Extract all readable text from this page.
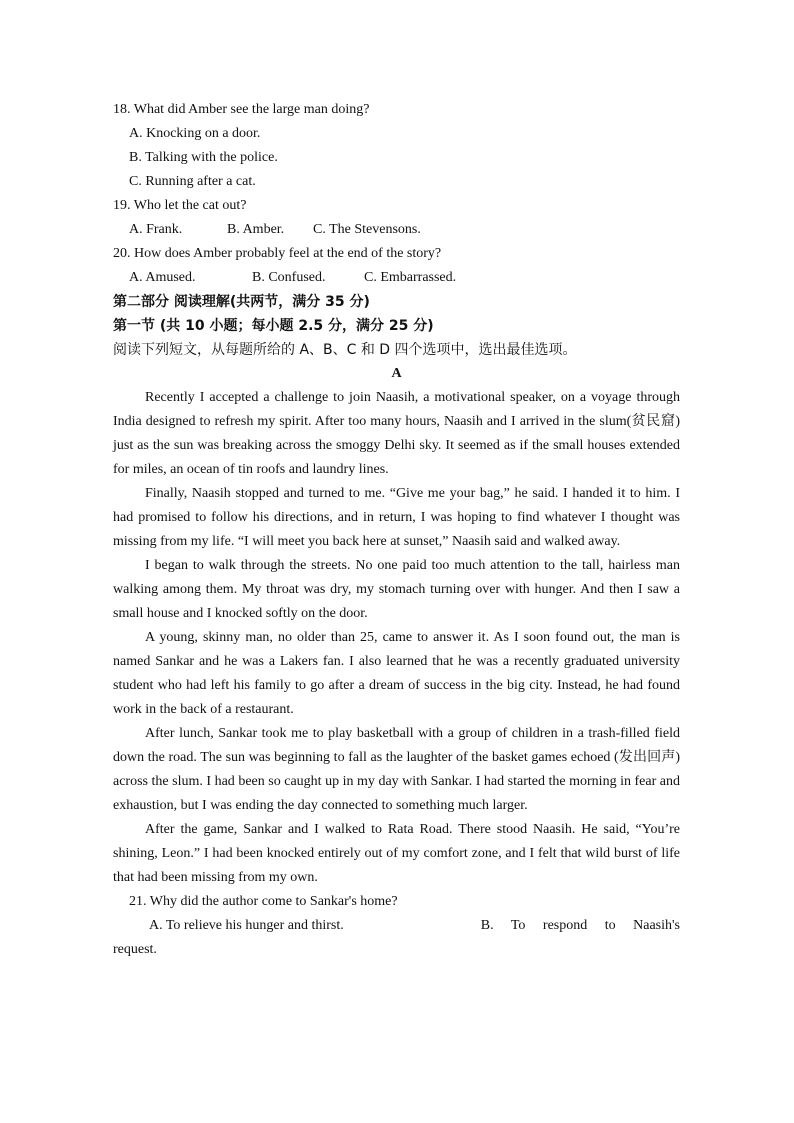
18. What did Amber see the large man doing?
A. Knocking on a door.
B. Talking with the police.
C. Running after a cat.
19. Who let the cat out?
A. Frank.	B. Amber. C. The Stevensons.
20. How does Amber probably feel at the end of the story?
A. Amused.	B. Confused.	C. Embarrassed.
第二部分 阅读理解(共两节，满分 35 分)
第一节 (共 10 小题；每小题 2.5 分，满分 25 分)
阅读下列短文，从每题所给的 A、B、C 和 D 四个选项中，选出最佳选项。
A

Recently I accepted a challenge to join Naasih, a motivational speaker, on a voyage through India designed to refresh my spirit. After too many hours, Naasih and I arrived in the slum(贫民窟) just as the sun was breaking across the smoggy Delhi sky. It seemed as if the small houses extended for miles, an ocean of tin roofs and laundry lines.

Finally, Naasih stopped and turned to me. “Give me your bag,” he said. I handed it to him. I had promised to follow his directions, and in return, I was hoping to find whatever I thought was missing from my life. “I will meet you back here at sunset,” Naasih said and walked away.

I began to walk through the streets. No one paid too much attention to the tall, hairless man walking among them. My throat was dry, my stomach turning over with hunger. And then I saw a small house and I knocked softly on the door.

A young, skinny man, no older than 25, came to answer it. As I soon found out, the man is named Sankar and he was a Lakers fan. I also learned that he was a recently graduated university student who had left his family to go after a dream of success in the big city. Instead, he had found work in the back of a restaurant.

After lunch, Sankar took me to play basketball with a group of children in a trash-filled field down the road. The sun was beginning to fall as the laughter of the basket games echoed (发出回声) across the slum. I had been so caught up in my day with Sankar. I had started the morning in fear and exhaustion, but I was ending the day connected to something much larger.

After the game, Sankar and I walked to Rata Road. There stood Naasih. He said, “You’re shining, Leon.” I had been knocked entirely out of my comfort zone, and I felt that wild burst of life that had been missing from my own.

21. Why did the author come to Sankar's home?
A. To relieve his hunger and thirst.	B. To respond to Naasih's
request.
